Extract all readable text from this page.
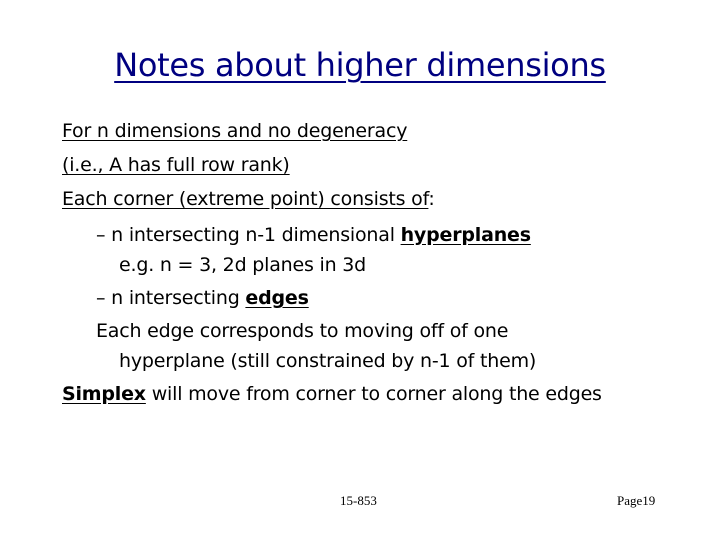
Notes about higher dimensions
For n dimensions and no degeneracy
(i.e., A has full row rank)
Each corner (extreme point) consists of:
– n intersecting n-1 dimensional hyperplanes
e.g. n = 3, 2d planes in 3d
– n intersecting edges
Each edge corresponds to moving off of one
hyperplane (still constrained by n-1 of them)
Simplex will move from corner to corner along the edges
15-853	Page19
